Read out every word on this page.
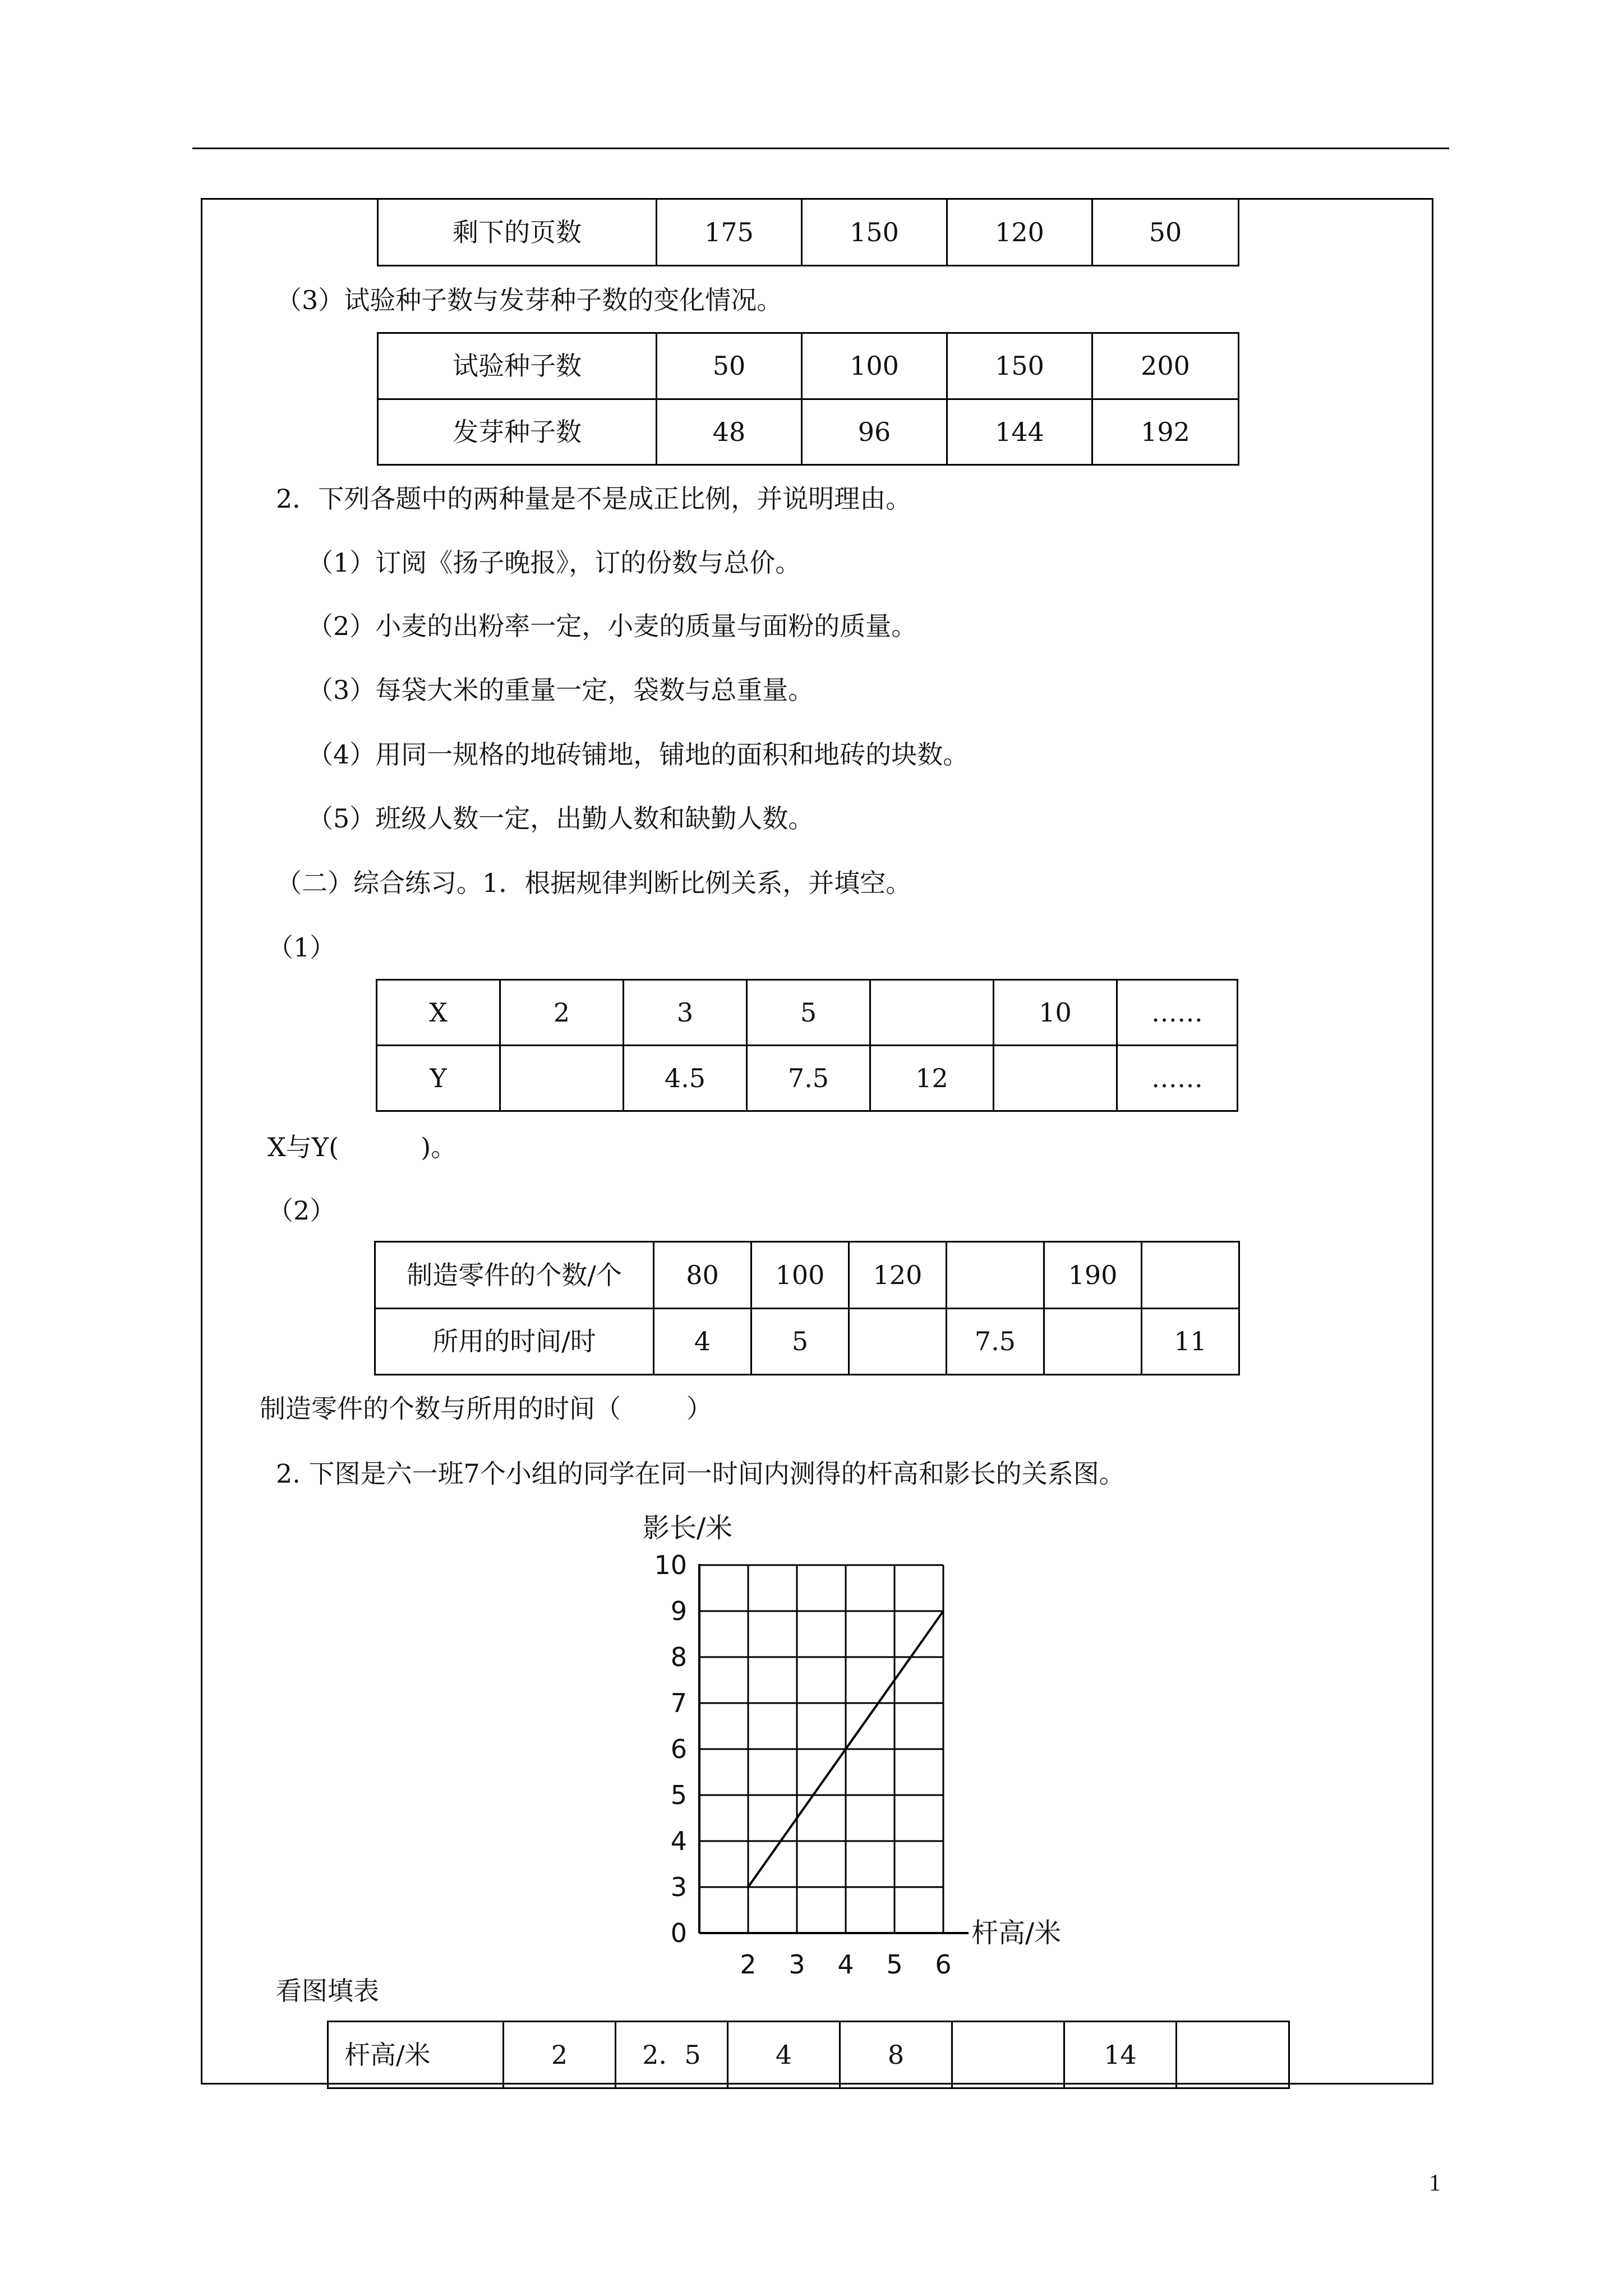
剩下的页数	175	150	120	50
（3）试验种子数与发芽种子数的变化情况。
试验种子数	50	100	150	200
发芽种子数	48	96	144	192
2．下列各题中的两种量是不是成正比例，并说明理由。
（1）订阅《扬子晚报》，订的份数与总价。
（2）小麦的出粉率一定，小麦的质量与面粉的质量。
（3）每袋大米的重量一定，袋数与总重量。
（4）用同一规格的地砖铺地，铺地的面积和地砖的块数。
（5）班级人数一定，出勤人数和缺勤人数。
（二）综合练习。1．根据规律判断比例关系，并填空。
（1）
X	2	3	5		10	……
Y		4.5	7.5	12		……
X与Y(          )。
（2）
制造零件的个数/个	80	100	120		190	
所用的时间/时	4	5		7.5		11
制造零件的个数与所用的时间（        ）
2. 下图是六一班7个小组的同学在同一时间内测得的杆高和影长的关系图。
2 3 4 5 6
0
3
4
5
6
7
8
9
10
影长/米
杆高/米
看图填表
杆高/米	2	2．5	4	8		14	
1
